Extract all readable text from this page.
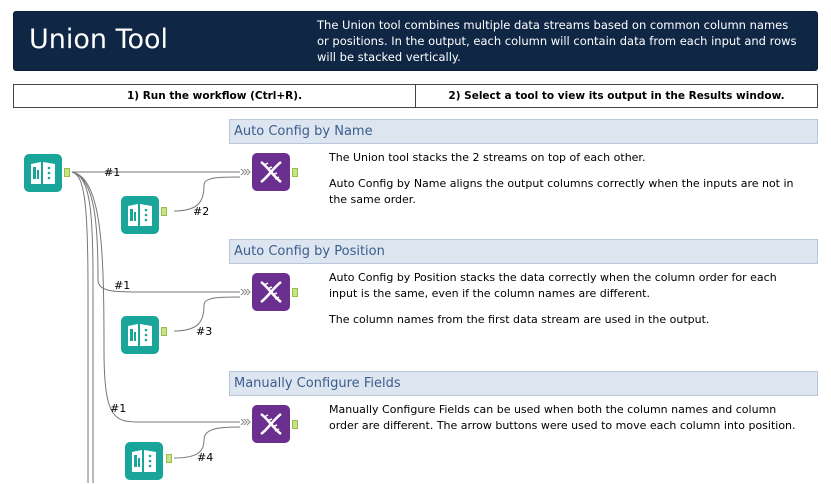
Union Tool	The Union tool combines multiple data streams based on common column names or positions. In the output, each column will contain data from each input and rows will be stacked vertically.
1) Run the workflow (Ctrl+R).	2) Select a tool to view its output in the Results window.
#1
#2
#1
#3
#1
#4
Auto Config by Name
Auto Config by Position
Manually Configure Fields

The Union tool stacks the 2 streams on top of each other.

Auto Config by Name aligns the output columns correctly when the inputs are not in the same order.

Auto Config by Position stacks the data correctly when the column order for each input is the same, even if the column names are different.

The column names from the first data stream are used in the output.

Manually Configure Fields can be used when both the column names and column order are different. The arrow buttons were used to move each column into position.
